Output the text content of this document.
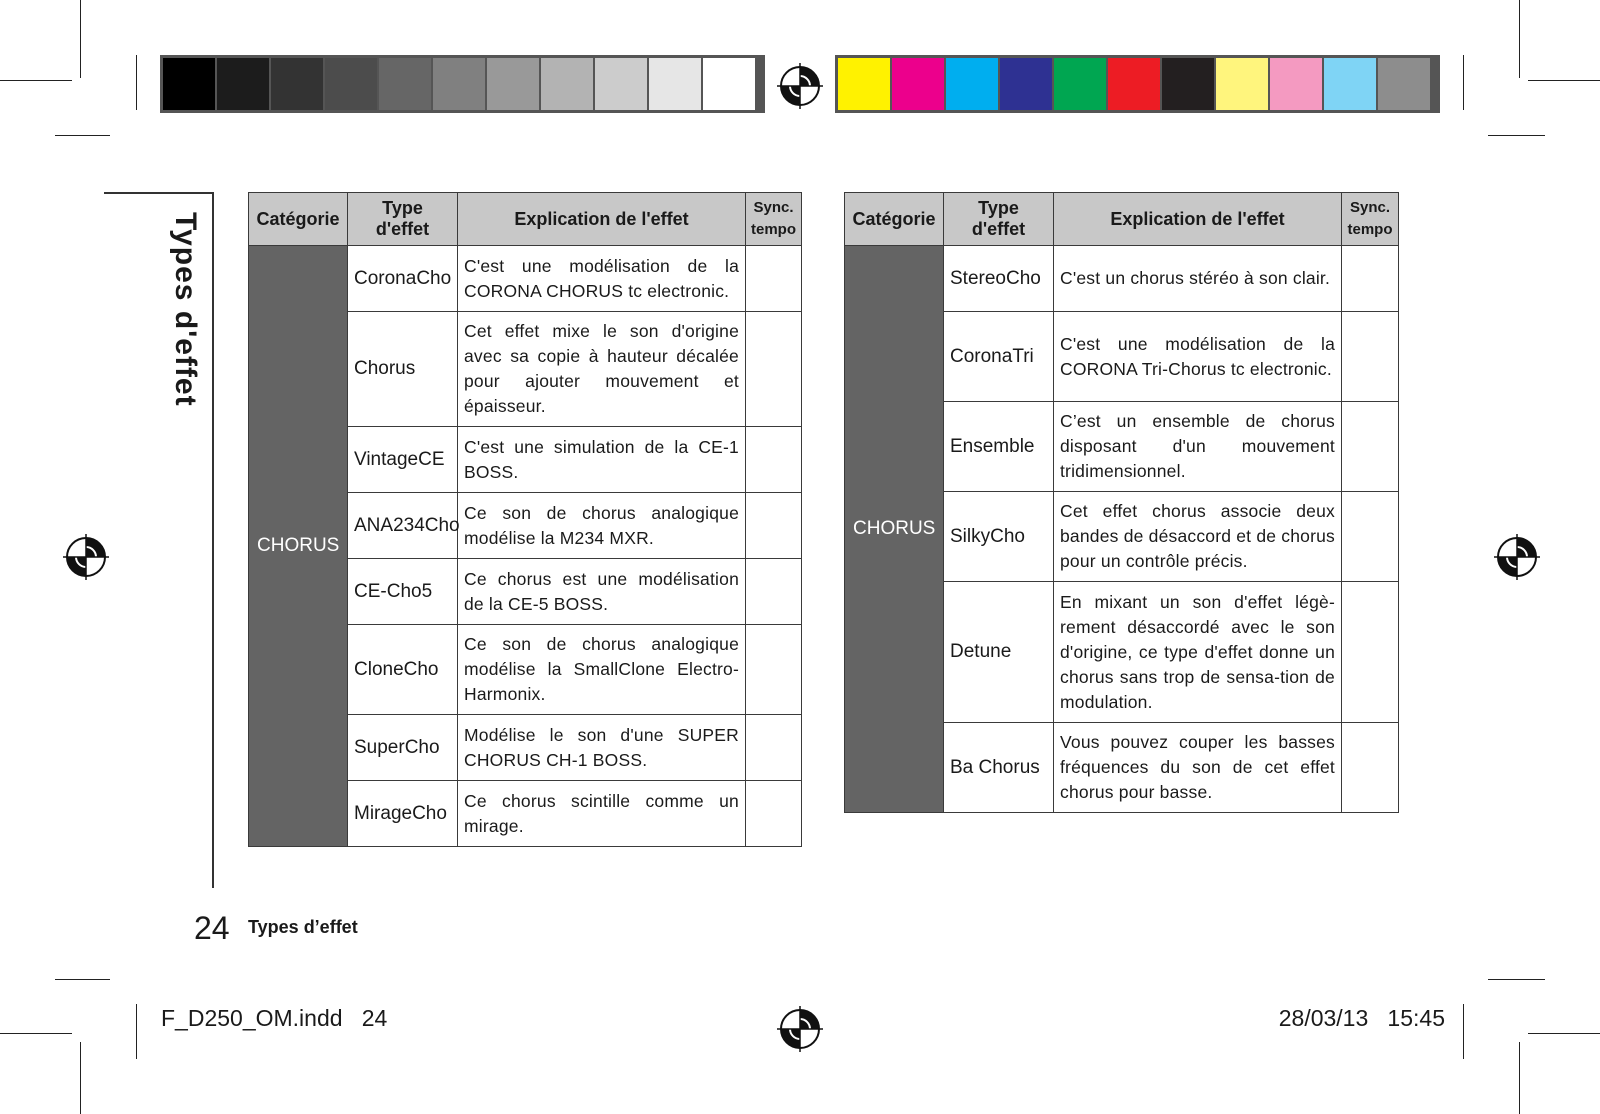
Types d'effet	Catégorie	Type d'effet	Explication de l'effet	Sync.
tempo
CHORUS	CoronaCho	C'est une modélisation de la CORONA CHORUS tc electronic.	
	Chorus	Cet effet mixe le son d'origine avec sa copie à hauteur décalée pour ajouter mouvement et épaisseur.	
	VintageCE	C'est une simulation de la CE-1 BOSS.	
	ANA234Cho	Ce son de chorus analogique modélise la M234 MXR.	
	CE-Cho5	Ce chorus est une modélisation de la CE-5 BOSS.	
	CloneCho	Ce son de chorus analogique modélise la SmallClone Electro-Harmonix.	
	SuperCho	Modélise le son d'une SUPER CHORUS CH-1 BOSS.	
	MirageCho	Ce chorus scintille comme un mirage.	
Catégorie	Type d'effet	Explication de l'effet	Sync.
tempo
CHORUS	StereoCho	C'est un chorus stéréo à son clair.	
	CoronaTri	C'est une modélisation de la CORONA Tri-Chorus tc electronic.	
	Ensemble	C’est un ensemble de chorus disposant d'un mouvement tridimensionnel.	
	SilkyCho	Cet effet chorus associe deux bandes de désaccord et de chorus pour un contrôle précis.	
	Detune	En mixant un son d'effet légè-rement désaccordé avec le son d'origine, ce type d'effet donne un chorus sans trop de sensa-tion de modulation.	
	Ba Chorus	Vous pouvez couper les basses fréquences du son de cet effet chorus pour basse.	
24 Types d’effet
F_D250_OM.indd   24	28/03/13   15:45
